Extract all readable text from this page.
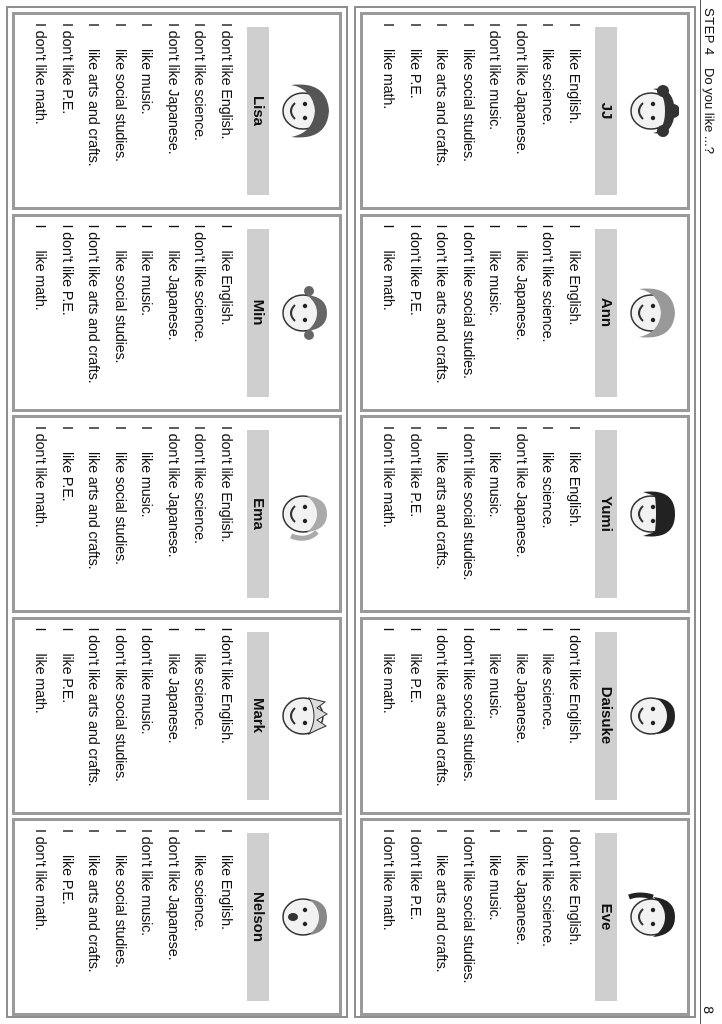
STEP 4
Do you like ...?
8
JJ
Ilike English.
Ilike science.
I don't like Japanese.
I don't like music.
Ilike social studies.
Ilike arts and crafts.
Ilike P.E.
Ilike math.
Ann
Ilike English.
I don't like science.
Ilike Japanese.
Ilike music.
I don't like social studies.
I don't like arts and crafts.
I don't like P.E.
Ilike math.
Yumi
Ilike English.
Ilike science.
I don't like Japanese.
Ilike music.
I don't like social studies.
Ilike arts and crafts.
I don't like P.E.
I don't like math.
Daisuke
I don't like English.
Ilike science.
Ilike Japanese.
Ilike music.
I don't like social studies.
I don't like arts and crafts.
Ilike P.E.
Ilike math.
Eve
I don't like English.
I don't like science.
Ilike Japanese.
Ilike music.
I don't like social studies.
Ilike arts and crafts.
I don't like P.E.
I don't like math.
Lisa
I don't like English.
I don't like science.
I don't like Japanese.
Ilike music.
Ilike social studies.
Ilike arts and crafts.
I don't like P.E.
I don't like math.
Min
Ilike English.
I don't like science.
Ilike Japanese.
Ilike music.
Ilike social studies.
I don't like arts and crafts.
I don't like P.E.
Ilike math.
Ema
I don't like English.
I don't like science.
I don't like Japanese.
Ilike music.
Ilike social studies.
Ilike arts and crafts.
Ilike P.E.
I don't like math.
Mark
I don't like English.
Ilike science.
Ilike Japanese.
I don't like music.
I don't like social studies.
I don't like arts and crafts.
Ilike P.E.
Ilike math.
Nelson
Ilike English.
Ilike science.
I don't like Japanese.
I don't like music.
Ilike social studies.
Ilike arts and crafts.
Ilike P.E.
I don't like math.
